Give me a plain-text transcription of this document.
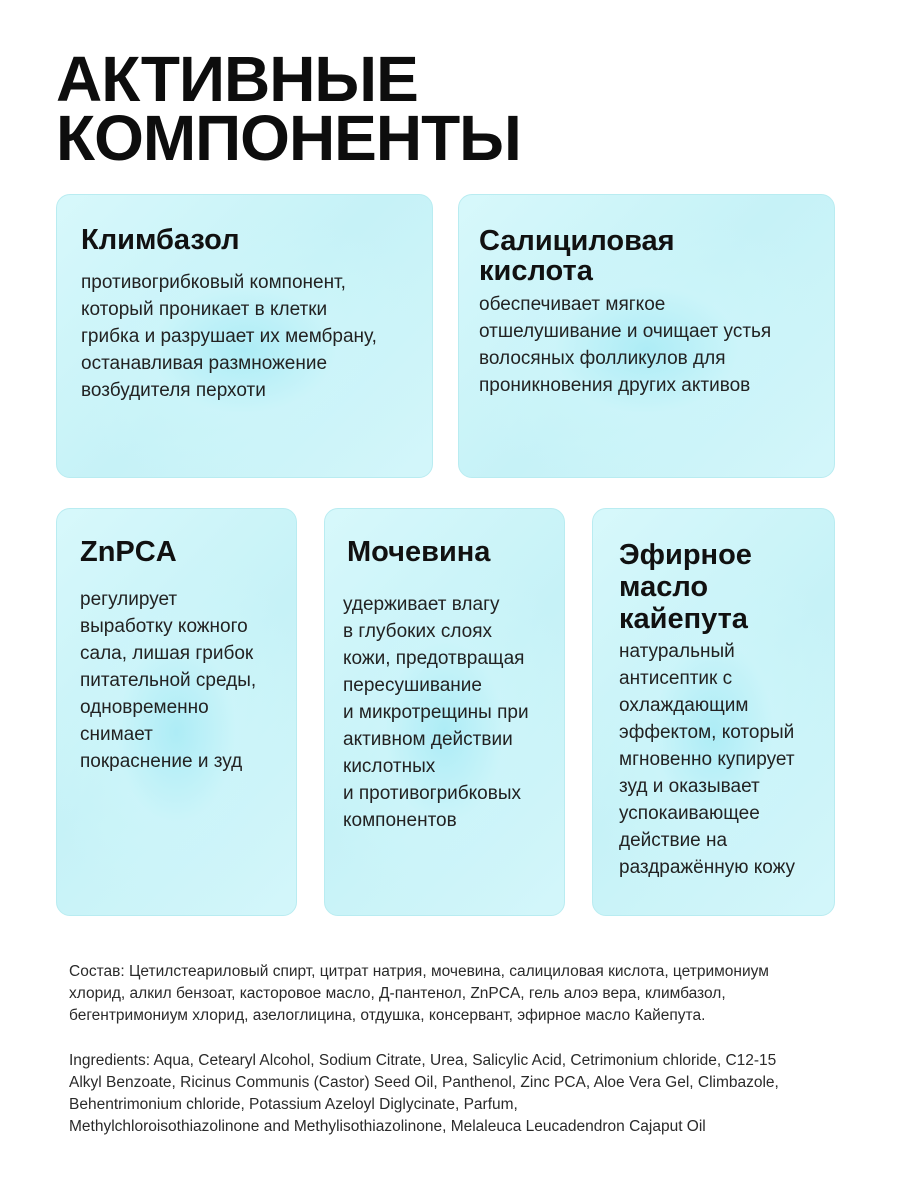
АКТИВНЫЕ
КОМПОНЕНТЫ
Климбазол

противогрибковый компонент,
который проникает в клетки
грибка и разрушает их мембрану,
останавливая размножение
возбудителя перхоти

Салициловая
кислота

обеспечивает мягкое
отшелушивание и очищает устья
волосяных фолликулов для
проникновения других активов

ZnPCA

регулирует
выработку кожного
сала, лишая грибок
питательной среды,
одновременно
снимает
покраснение и зуд

Мочевина

удерживает влагу
в глубоких слоях
кожи, предотвращая
пересушивание
и микротрещины при
активном действии
кислотных
и противогрибковых
компонентов

Эфирное
масло
кайепута

натуральный
антисептик с
охлаждающим
эффектом, который
мгновенно купирует
зуд и оказывает
успокаивающее
действие на
раздражённую кожу

Состав: Цетилстеариловый спирт, цитрат натрия, мочевина, салициловая кислота, цетримониум
хлорид, алкил бензоат, касторовое масло, Д-пантенол, ZnPCA, гель алоэ вера, климбазол,
бегентримониум хлорид, азелоглицина, отдушка, консервант, эфирное масло Кайепута.

Ingredients: Aqua, Cetearyl Alcohol, Sodium Citrate, Urea, Salicylic Acid, Cetrimonium chloride, C12-15
Alkyl Benzoate, Ricinus Communis (Castor) Seed Oil, Panthenol, Zinc PCA, Aloe Vera Gel, Climbazole,
Behentrimonium chloride, Potassium Azeloyl Diglycinate, Parfum,
Methylchloroisothiazolinone and Methylisothiazolinone, Melaleuca Leucadendron Cajaput Oil
